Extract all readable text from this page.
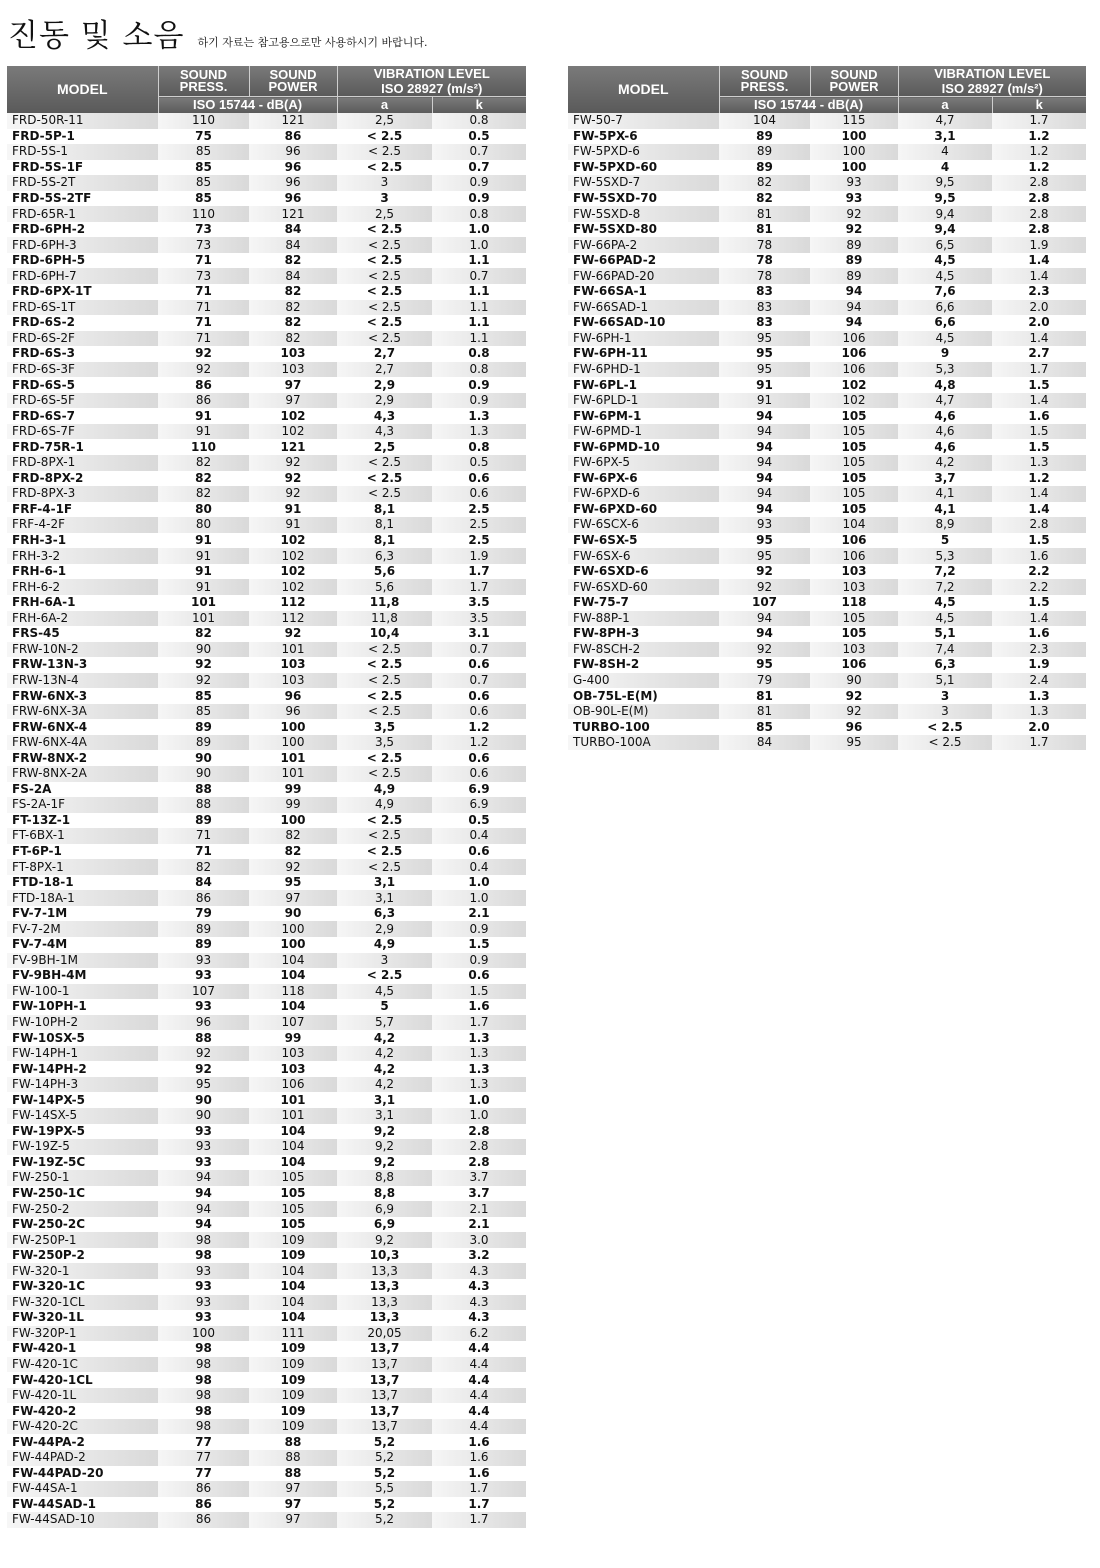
진동 및 소음 $^{하기 자료는 참고용으로만 사용하시기 바랍니다.}$
MODEL	SOUND PRESS.	SOUND POWER	VIBRATION LEVEL
ISO 28927 (m/s²)	

	ISO 15744 - dB(A)		a	k
FRD-50R-11	110	121	2,5	0.8
FRD-5P-1	75	86	< 2.5	0.5
FRD-5S-1	85	96	< 2.5	0.7
FRD-5S-1F	85	96	< 2.5	0.7
FRD-5S-2T	85	96	3	0.9
FRD-5S-2TF	85	96	3	0.9
FRD-65R-1	110	121	2,5	0.8
FRD-6PH-2	73	84	< 2.5	1.0
FRD-6PH-3	73	84	< 2.5	1.0
FRD-6PH-5	71	82	< 2.5	1.1
FRD-6PH-7	73	84	< 2.5	0.7
FRD-6PX-1T	71	82	< 2.5	1.1
FRD-6S-1T	71	82	< 2.5	1.1
FRD-6S-2	71	82	< 2.5	1.1
FRD-6S-2F	71	82	< 2.5	1.1
FRD-6S-3	92	103	2,7	0.8
FRD-6S-3F	92	103	2,7	0.8
FRD-6S-5	86	97	2,9	0.9
FRD-6S-5F	86	97	2,9	0.9
FRD-6S-7	91	102	4,3	1.3
FRD-6S-7F	91	102	4,3	1.3
FRD-75R-1	110	121	2,5	0.8
FRD-8PX-1	82	92	< 2.5	0.5
FRD-8PX-2	82	92	< 2.5	0.6
FRD-8PX-3	82	92	< 2.5	0.6
FRF-4-1F	80	91	8,1	2.5
FRF-4-2F	80	91	8,1	2.5
FRH-3-1	91	102	8,1	2.5
FRH-3-2	91	102	6,3	1.9
FRH-6-1	91	102	5,6	1.7
FRH-6-2	91	102	5,6	1.7
FRH-6A-1	101	112	11,8	3.5
FRH-6A-2	101	112	11,8	3.5
FRS-45	82	92	10,4	3.1
FRW-10N-2	90	101	< 2.5	0.7
FRW-13N-3	92	103	< 2.5	0.6
FRW-13N-4	92	103	< 2.5	0.7
FRW-6NX-3	85	96	< 2.5	0.6
FRW-6NX-3A	85	96	< 2.5	0.6
FRW-6NX-4	89	100	3,5	1.2
FRW-6NX-4A	89	100	3,5	1.2
FRW-8NX-2	90	101	< 2.5	0.6
FRW-8NX-2A	90	101	< 2.5	0.6
FS-2A	88	99	4,9	6.9
FS-2A-1F	88	99	4,9	6.9
FT-13Z-1	89	100	< 2.5	0.5
FT-6BX-1	71	82	< 2.5	0.4
FT-6P-1	71	82	< 2.5	0.6
FT-8PX-1	82	92	< 2.5	0.4
FTD-18-1	84	95	3,1	1.0
FTD-18A-1	86	97	3,1	1.0
FV-7-1M	79	90	6,3	2.1
FV-7-2M	89	100	2,9	0.9
FV-7-4M	89	100	4,9	1.5
FV-9BH-1M	93	104	3	0.9
FV-9BH-4M	93	104	< 2.5	0.6
FW-100-1	107	118	4,5	1.5
FW-10PH-1	93	104	5	1.6
FW-10PH-2	96	107	5,7	1.7
FW-10SX-5	88	99	4,2	1.3
FW-14PH-1	92	103	4,2	1.3
FW-14PH-2	92	103	4,2	1.3
FW-14PH-3	95	106	4,2	1.3
FW-14PX-5	90	101	3,1	1.0
FW-14SX-5	90	101	3,1	1.0
FW-19PX-5	93	104	9,2	2.8
FW-19Z-5	93	104	9,2	2.8
FW-19Z-5C	93	104	9,2	2.8
FW-250-1	94	105	8,8	3.7
FW-250-1C	94	105	8,8	3.7
FW-250-2	94	105	6,9	2.1
FW-250-2C	94	105	6,9	2.1
FW-250P-1	98	109	9,2	3.0
FW-250P-2	98	109	10,3	3.2
FW-320-1	93	104	13,3	4.3
FW-320-1C	93	104	13,3	4.3
FW-320-1CL	93	104	13,3	4.3
FW-320-1L	93	104	13,3	4.3
FW-320P-1	100	111	20,05	6.2
FW-420-1	98	109	13,7	4.4
FW-420-1C	98	109	13,7	4.4
FW-420-1CL	98	109	13,7	4.4
FW-420-1L	98	109	13,7	4.4
FW-420-2	98	109	13,7	4.4
FW-420-2C	98	109	13,7	4.4
FW-44PA-2	77	88	5,2	1.6
FW-44PAD-2	77	88	5,2	1.6
FW-44PAD-20	77	88	5,2	1.6
FW-44SA-1	86	97	5,5	1.7
FW-44SAD-1	86	97	5,2	1.7
FW-44SAD-10	86	97	5,2	1.7
MODEL	SOUND PRESS.	SOUND POWER	VIBRATION LEVEL
ISO 28927 (m/s²)	

	ISO 15744 - dB(A)		a	k
FW-50-7	104	115	4,7	1.7
FW-5PX-6	89	100	3,1	1.2
FW-5PXD-6	89	100	4	1.2
FW-5PXD-60	89	100	4	1.2
FW-5SXD-7	82	93	9,5	2.8
FW-5SXD-70	82	93	9,5	2.8
FW-5SXD-8	81	92	9,4	2.8
FW-5SXD-80	81	92	9,4	2.8
FW-66PA-2	78	89	6,5	1.9
FW-66PAD-2	78	89	4,5	1.4
FW-66PAD-20	78	89	4,5	1.4
FW-66SA-1	83	94	7,6	2.3
FW-66SAD-1	83	94	6,6	2.0
FW-66SAD-10	83	94	6,6	2.0
FW-6PH-1	95	106	4,5	1.4
FW-6PH-11	95	106	9	2.7
FW-6PHD-1	95	106	5,3	1.7
FW-6PL-1	91	102	4,8	1.5
FW-6PLD-1	91	102	4,7	1.4
FW-6PM-1	94	105	4,6	1.6
FW-6PMD-1	94	105	4,6	1.5
FW-6PMD-10	94	105	4,6	1.5
FW-6PX-5	94	105	4,2	1.3
FW-6PX-6	94	105	3,7	1.2
FW-6PXD-6	94	105	4,1	1.4
FW-6PXD-60	94	105	4,1	1.4
FW-6SCX-6	93	104	8,9	2.8
FW-6SX-5	95	106	5	1.5
FW-6SX-6	95	106	5,3	1.6
FW-6SXD-6	92	103	7,2	2.2
FW-6SXD-60	92	103	7,2	2.2
FW-75-7	107	118	4,5	1.5
FW-88P-1	94	105	4,5	1.4
FW-8PH-3	94	105	5,1	1.6
FW-8SCH-2	92	103	7,4	2.3
FW-8SH-2	95	106	6,3	1.9
G-400	79	90	5,1	2.4
OB-75L-E(M)	81	92	3	1.3
OB-90L-E(M)	81	92	3	1.3
TURBO-100	85	96	< 2.5	2.0
TURBO-100A	84	95	< 2.5	1.7
